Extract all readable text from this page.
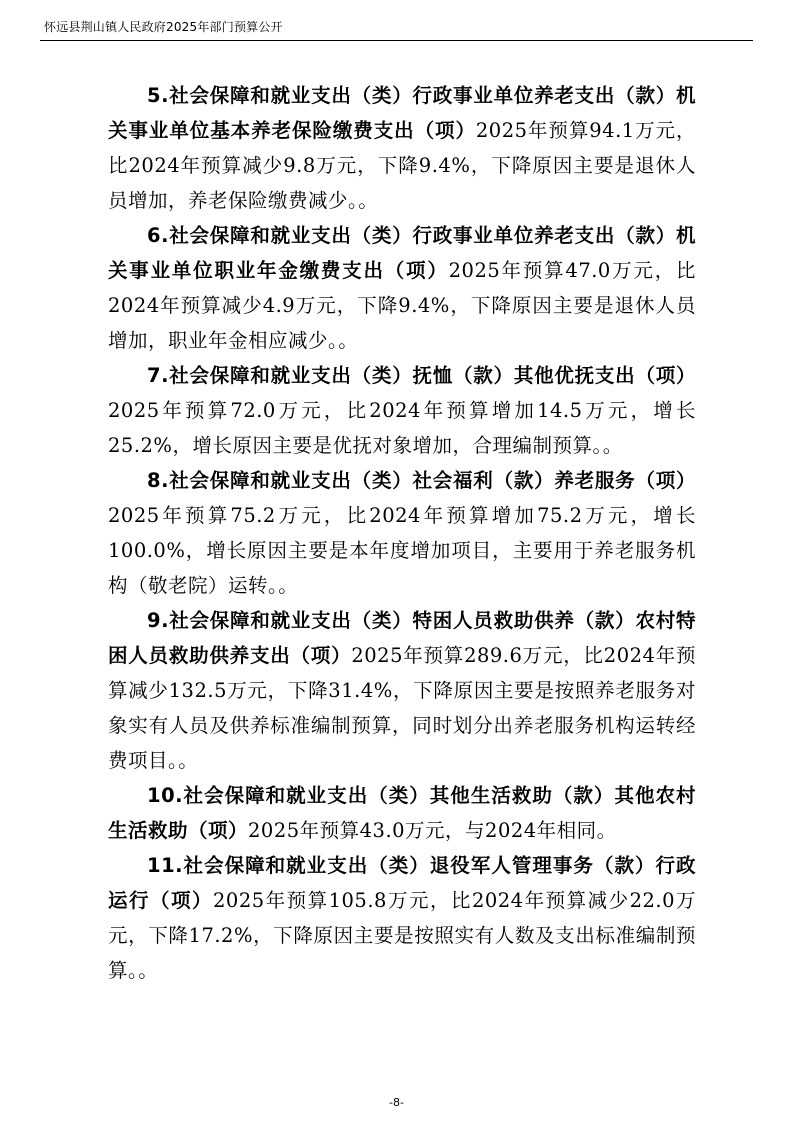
怀远县荆山镇人民政府2025年部门预算公开

5.社会保障和就业支出（类）行政事业单位养老支出（款）机关事业单位基本养老保险缴费支出（项）2025年预算94.1万元，比2024年预算减少9.8万元，下降9.4%，下降原因主要是退休人员增加，养老保险缴费减少。。

6.社会保障和就业支出（类）行政事业单位养老支出（款）机关事业单位职业年金缴费支出（项）2025年预算47.0万元，比2024年预算减少4.9万元，下降9.4%，下降原因主要是退休人员增加，职业年金相应减少。。

7.社会保障和就业支出（类）抚恤（款）其他优抚支出（项）2025年预算72.0万元，比2024年预算增加14.5万元，增长25.2%，增长原因主要是优抚对象增加，合理编制预算。。

8.社会保障和就业支出（类）社会福利（款）养老服务（项）2025年预算75.2万元，比2024年预算增加75.2万元，增长100.0%，增长原因主要是本年度增加项目，主要用于养老服务机构（敬老院）运转。。

9.社会保障和就业支出（类）特困人员救助供养（款）农村特困人员救助供养支出（项）2025年预算289.6万元，比2024年预算减少132.5万元，下降31.4%，下降原因主要是按照养老服务对象实有人员及供养标准编制预算，同时划分出养老服务机构运转经费项目。。

10.社会保障和就业支出（类）其他生活救助（款）其他农村生活救助（项）2025年预算43.0万元，与2024年相同。

11.社会保障和就业支出（类）退役军人管理事务（款）行政运行（项）2025年预算105.8万元，比2024年预算减少22.0万元，下降17.2%，下降原因主要是按照实有人数及支出标准编制预算。。

-8-
